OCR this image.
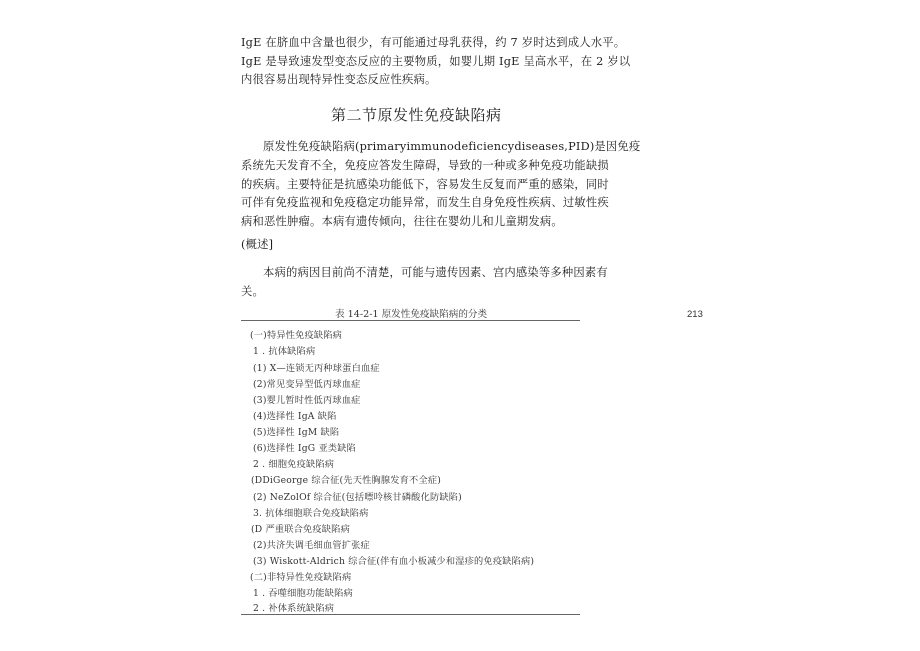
IgE 在脐血中含量也很少，有可能通过母乳获得，约 7 岁时达到成人水平。
IgE 是导致速发型变态反应的主要物质，如婴儿期 IgE 呈高水平，在 2 岁以
内很容易出现特异性变态反应性疾病。
第二节原发性免疫缺陷病
原发性免疫缺陷病(primaryimmunodeficiencydiseases,PID)是因免疫
系统先天发育不全，免疫应答发生障碍，导致的一种或多种免疫功能缺损
的疾病。主要特征是抗感染功能低下，容易发生反复而严重的感染，同时
可伴有免疫监视和免疫稳定功能异常，而发生自身免疫性疾病、过敏性疾
病和恶性肿瘤。本病有遗传倾向，往往在婴幼儿和儿童期发病。
(概述]
本病的病因目前尚不清楚，可能与遗传因素、宫内感染等多种因素有
关。
表 14-2-1 原发性免疫缺陷病的分类	213
(一)特异性免疫缺陷病
1 . 抗体缺陷病
(1) X—连锁无丙种球蛋白血症
(2)常见变异型低丙球血症
(3)婴儿暂时性低丙球血症
(4)选择性 IgA 缺陷
(5)选择性 IgM 缺陷
(6)选择性 IgG 亚类缺陷
2 . 细胞免疫缺陷病
(DDiGeorge 综合征(先天性胸腺发育不全症)
(2) NeZolOf 综合征(包括嘌呤核甘磷酸化防缺陷)
3. 抗体细胞联合免疫缺陷病
(D 严重联合免疫缺陷病
(2)共济失调毛细血管扩张症
(3) Wiskott-Aldrich 综合征(伴有血小板减少和湿疹的免疫缺陷病)
(二)非特异性免疫缺陷病
1 . 吞噬细胞功能缺陷病
2 . 补体系统缺陷病
